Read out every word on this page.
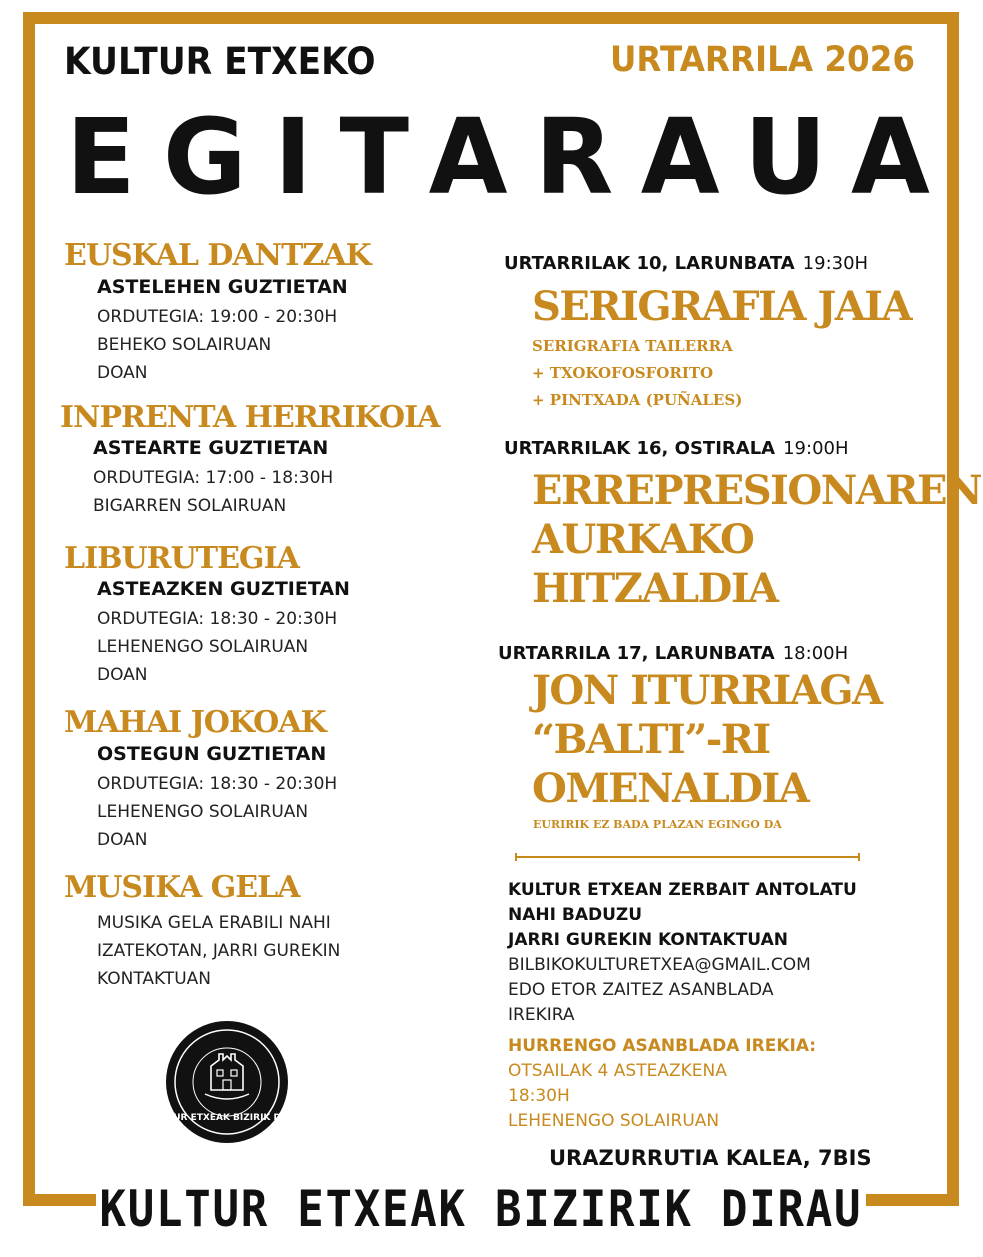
KULTUR ETXEKO	URTARRILA 2026
EGITARAUA
EUSKAL DANTZAK
ASTELEHEN GUZTIETAN
ORDUTEGIA: 19:00 - 20:30H
BEHEKO SOLAIRUAN
DOAN
INPRENTA HERRIKOIA
ASTEARTE GUZTIETAN
ORDUTEGIA: 17:00 - 18:30H
BIGARREN SOLAIRUAN
LIBURUTEGIA
ASTEAZKEN GUZTIETAN
ORDUTEGIA: 18:30 - 20:30H
LEHENENGO SOLAIRUAN
DOAN
MAHAI JOKOAK
OSTEGUN GUZTIETAN
ORDUTEGIA: 18:30 - 20:30H
LEHENENGO SOLAIRUAN
DOAN
MUSIKA GELA
MUSIKA GELA ERABILI NAHI
IZATEKOTAN, JARRI GUREKIN
KONTAKTUAN
KULTUR ETXEAK BIZIRIK DIRAU
URTARRILAK 10, LARUNBATA 19:30H
SERIGRAFIA JAIA
SERIGRAFIA TAILERRA
+ TXOKOFOSFORITO
+ PINTXADA (PUÑALES)
URTARRILAK 16, OSTIRALA 19:00H
ERREPRESIONAREN
AURKAKO
HITZALDIA
URTARRILA 17, LARUNBATA 18:00H
JON ITURRIAGA
“BALTI”-RI
OMENALDIA
EURIRIK EZ BADA PLAZAN EGINGO DA
KULTUR ETXEAN ZERBAIT ANTOLATU
NAHI BADUZU
JARRI GUREKIN KONTAKTUAN
BILBIKOKULTURETXEA@GMAIL.COM
EDO ETOR ZAITEZ ASANBLADA
IREKIRA
HURRENGO ASANBLADA IREKIA:
OTSAILAK 4 ASTEAZKENA
18:30H
LEHENENGO SOLAIRUAN
URAZURRUTIA KALEA, 7BIS
KULTUR ETXEAK BIZIRIK DIRAU
